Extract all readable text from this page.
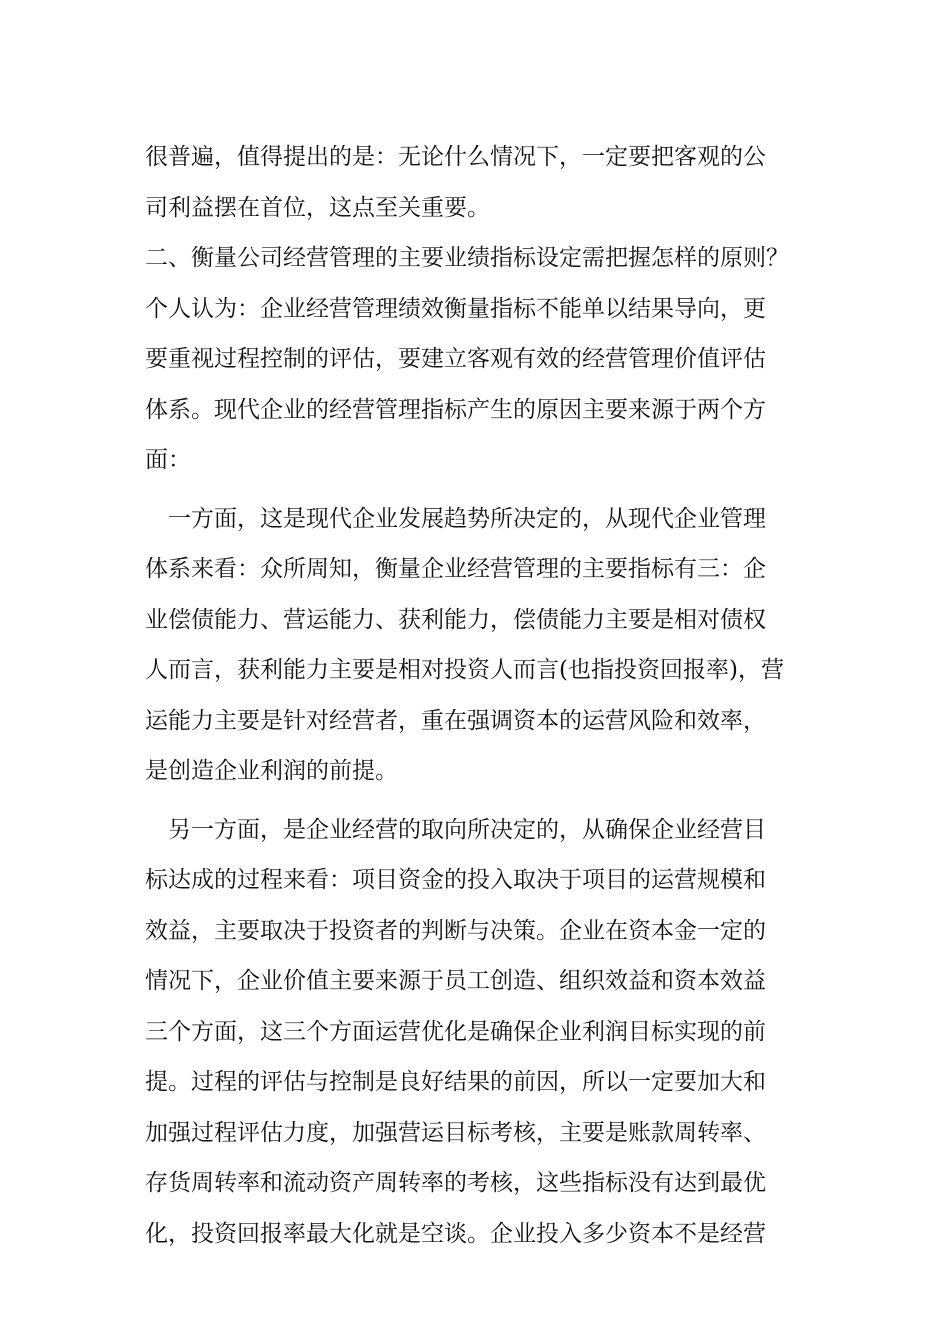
很普遍，值得提出的是：无论什么情况下，一定要把客观的公
司利益摆在首位，这点至关重要。
二、衡量公司经营管理的主要业绩指标设定需把握怎样的原则？
个人认为：企业经营管理绩效衡量指标不能单以结果导向，更
要重视过程控制的评估，要建立客观有效的经营管理价值评估
体系。现代企业的经营管理指标产生的原因主要来源于两个方
面：
　一方面，这是现代企业发展趋势所决定的，从现代企业管理
体系来看：众所周知，衡量企业经营管理的主要指标有三：企
业偿债能力、营运能力、获利能力，偿债能力主要是相对债权
人而言，获利能力主要是相对投资人而言(也指投资回报率)，营
运能力主要是针对经营者，重在强调资本的运营风险和效率，
是创造企业利润的前提。
　另一方面，是企业经营的取向所决定的，从确保企业经营目
标达成的过程来看：项目资金的投入取决于项目的运营规模和
效益，主要取决于投资者的判断与决策。企业在资本金一定的
情况下，企业价值主要来源于员工创造、组织效益和资本效益
三个方面，这三个方面运营优化是确保企业利润目标实现的前
提。过程的评估与控制是良好结果的前因，所以一定要加大和
加强过程评估力度，加强营运目标考核，主要是账款周转率、
存货周转率和流动资产周转率的考核，这些指标没有达到最优
化，投资回报率最大化就是空谈。企业投入多少资本不是经营
